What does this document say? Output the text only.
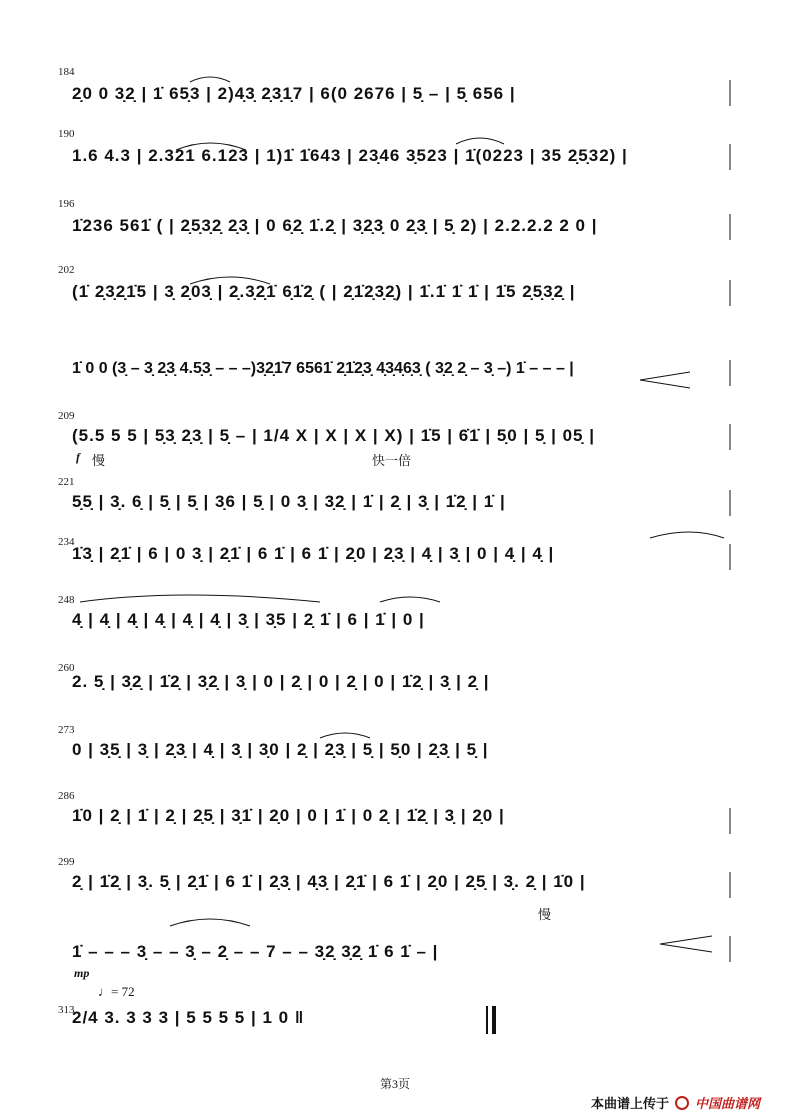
184
2̣0 0 3̣2̣ | 1̇ 65̣3 | 2)4̣3̣ 2̣3̣1̣7 | 6(0 2676 | 5̣ – | 5̣ 656 |
190
1.6 4.3 | 2.321 6.123 | 1)1̇ 1̇643 | 23̣46 3̣523 | 1̇(0223 | 35 2̣5̣32) |
196
1̇236 561̇ ( | 2̣5̣3̣2̣ 2̣3̣ | 0 6̣2̣ 1̇.2̣ | 3̣2̣3̣ 0 2̣3̣ | 5̣ 2) | 2.2.2.2 2 0 |
202
(1̇ 2̣3̣2̣1̇5 | 3̣ 2̣03̣ | 2̣.3̣2̣1̇ 6̣1̇2̣ ( | 2̣1̇2̣3̣2̣) | 1̇.1̇ 1̇ 1̇ | 1̇5 2̣5̣3̣2̣ |
1̇ 0 0 (3̣ – 3̣ 2̣3̣ 4.5̣3̣ – – –)3̣2̣1̇7 6561̇ 2̣1̇2̣3̣ 4̣3̣4̣6̣3̣ ( 3̣2̣ 2̣ – 3̣ –) 1̇ – – – |
209
(5.5 5 5 | 5̣3̣ 2̣3̣ | 5̣ – | 1/4 X | X | X | X) | 1̇5 | 6̇1̇ | 5̣0 | 5̣ | 05̣ |
f 慢	快一倍
221
5̣5̣ | 3̣. 6̣ | 5̣ | 5̣ | 3̣6 | 5̣ | 0 3̣ | 3̣2̣ | 1̇ | 2̣ | 3̣ | 1̇2̣ | 1̇ |
234
1̇3̣ | 2̣1̇ | 6 | 0 3̣ | 2̣1̇ | 6 1̇ | 6 1̇ | 2̣0 | 2̣3̣ | 4̣ | 3̣ | 0 | 4̣ | 4̣ |
248
4̣ | 4̣ | 4̣ | 4̣ | 4̣ | 4̣ | 3̣ | 3̣5 | 2̣ 1̇ | 6 | 1̇ | 0 |
260
2. 5̣ | 3̣2̣ | 1̇2̣ | 3̣2̣ | 3̣ | 0 | 2̣ | 0 | 2̣ | 0 | 1̇2̣ | 3̣ | 2̣ |
273
0 | 3̣5̣ | 3̣ | 2̣3̣ | 4̣ | 3̣ | 3̣0 | 2̣ | 2̣3̣ | 5̣ | 5̣0 | 2̣3̣ | 5̣ |
286
1̇0 | 2̣ | 1̇ | 2̣ | 2̣5̣ | 3̣1̇ | 2̣0 | 0 | 1̇ | 0 2̣ | 1̇2̣ | 3̣ | 2̣0 |
299
2̣ | 1̇2̣ | 3̣. 5̣ | 2̣1̇ | 6 1̇ | 2̣3̣ | 4̣3̣ | 2̣1̇ | 6 1̇ | 2̣0 | 2̣5̣ | 3̣. 2̣ | 1̇0 |
慢
1̇ – – – 3̣ – – 3̣ – 2̣ – – 7 – – 3̣2̣ 3̣2̣ 1̇ 6 1̇ – |
mp
313
♩= 72
2/4 3. 3 3 3 | 5 5 5 5 | 1 0 ‖
第3页
本曲谱上传于 中国曲谱网
